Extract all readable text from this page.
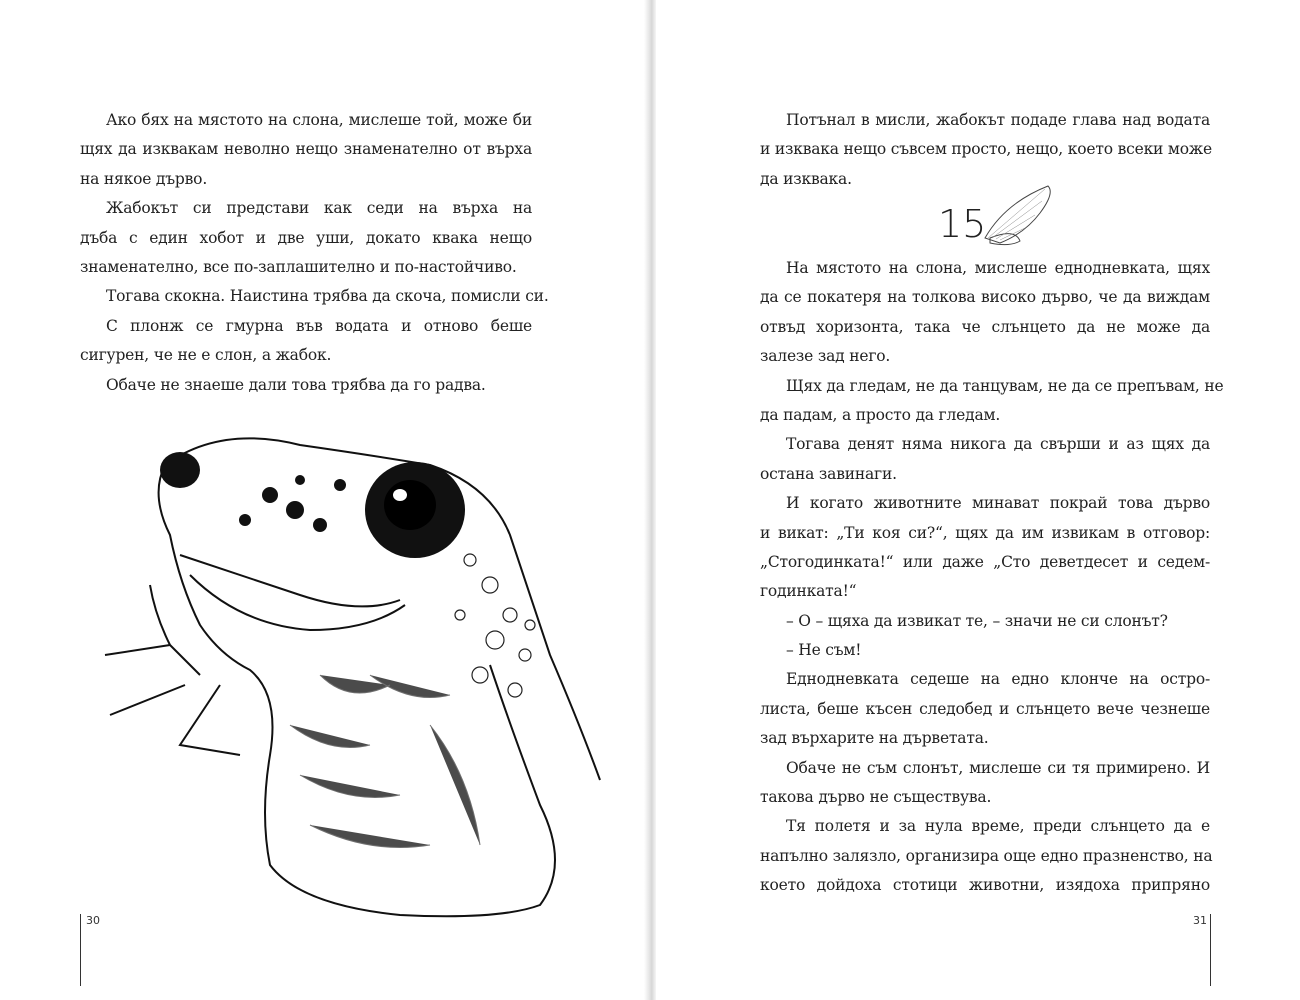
Ако бях на мястото на слона, мислеше той, може би
щях да изквакам неволно нещо знаменателно от върха
на някое дърво.
Жабокът си представи как седи на върха на
дъба с един хобот и две уши, докато квака нещо
знаменателно, все по-заплашително и по-настойчиво.
Тогава скокна. Наистина трябва да скоча, помисли си.
С плонж се гмурна във водата и отново беше
сигурен, че не е слон, а жабок.
Обаче не знаеше дали това трябва да го радва.
30
Потънал в мисли, жабокът подаде глава над водата
и изквака нещо съвсем просто, нещо, което всеки може
да изквака.
15
На мястото на слона, мислеше еднодневката, щях
да се покатеря на толкова високо дърво, че да виждам
отвъд хоризонта, така че слънцето да не може да
залезе зад него.
Щях да гледам, не да танцувам, не да се препъвам, не
да падам, а просто да гледам.
Тогава денят няма никога да свърши и аз щях да
остана завинаги.
И когато животните минават покрай това дърво
и викат: „Ти коя си?“, щях да им извикам в отговор:
„Стогодинката!“ или даже „Сто деветдесет и седем-
годинката!“
– О – щяха да извикат те, – значи не си слонът?
– Не съм!
Еднодневката седеше на едно клонче на остро-
листа, беше късен следобед и слънцето вече чезнеше
зад върхарите на дърветата.
Обаче не съм слонът, мислеше си тя примирено. И
такова дърво не съществува.
Тя полетя и за нула време, преди слънцето да е
напълно залязло, организира още едно празненство, на
което дойдоха стотици животни, изядоха припряно
31
